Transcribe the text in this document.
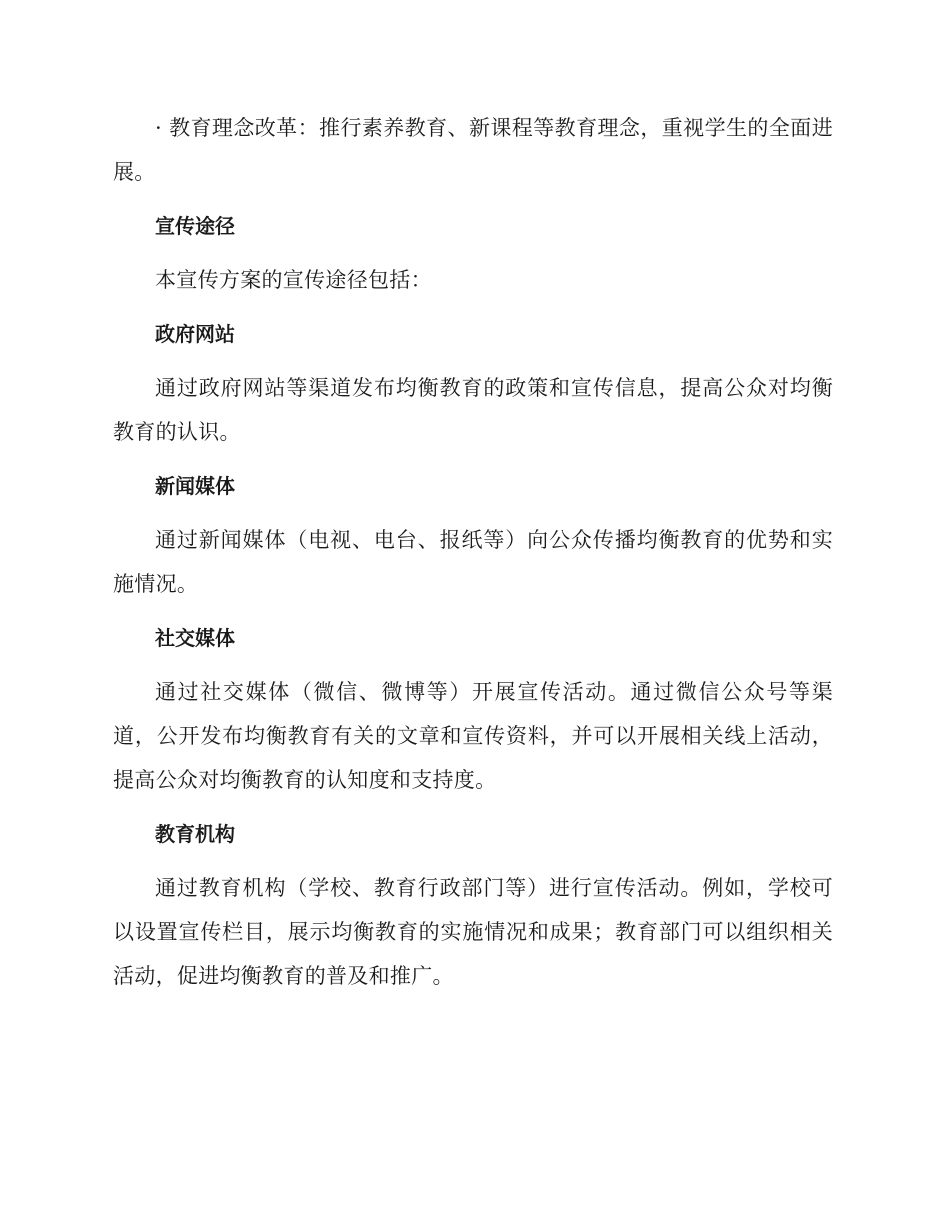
· 教育理念改革：推行素养教育、新课程等教育理念，重视学生的全面进展。

宣传途径

本宣传方案的宣传途径包括：

政府网站

通过政府网站等渠道发布均衡教育的政策和宣传信息，提高公众对均衡教育的认识。

新闻媒体

通过新闻媒体（电视、电台、报纸等）向公众传播均衡教育的优势和实施情况。

社交媒体

通过社交媒体（微信、微博等）开展宣传活动。通过微信公众号等渠道，公开发布均衡教育有关的文章和宣传资料，并可以开展相关线上活动，提高公众对均衡教育的认知度和支持度。

教育机构

通过教育机构（学校、教育行政部门等）进行宣传活动。例如，学校可以设置宣传栏目，展示均衡教育的实施情况和成果；教育部门可以组织相关活动，促进均衡教育的普及和推广。
